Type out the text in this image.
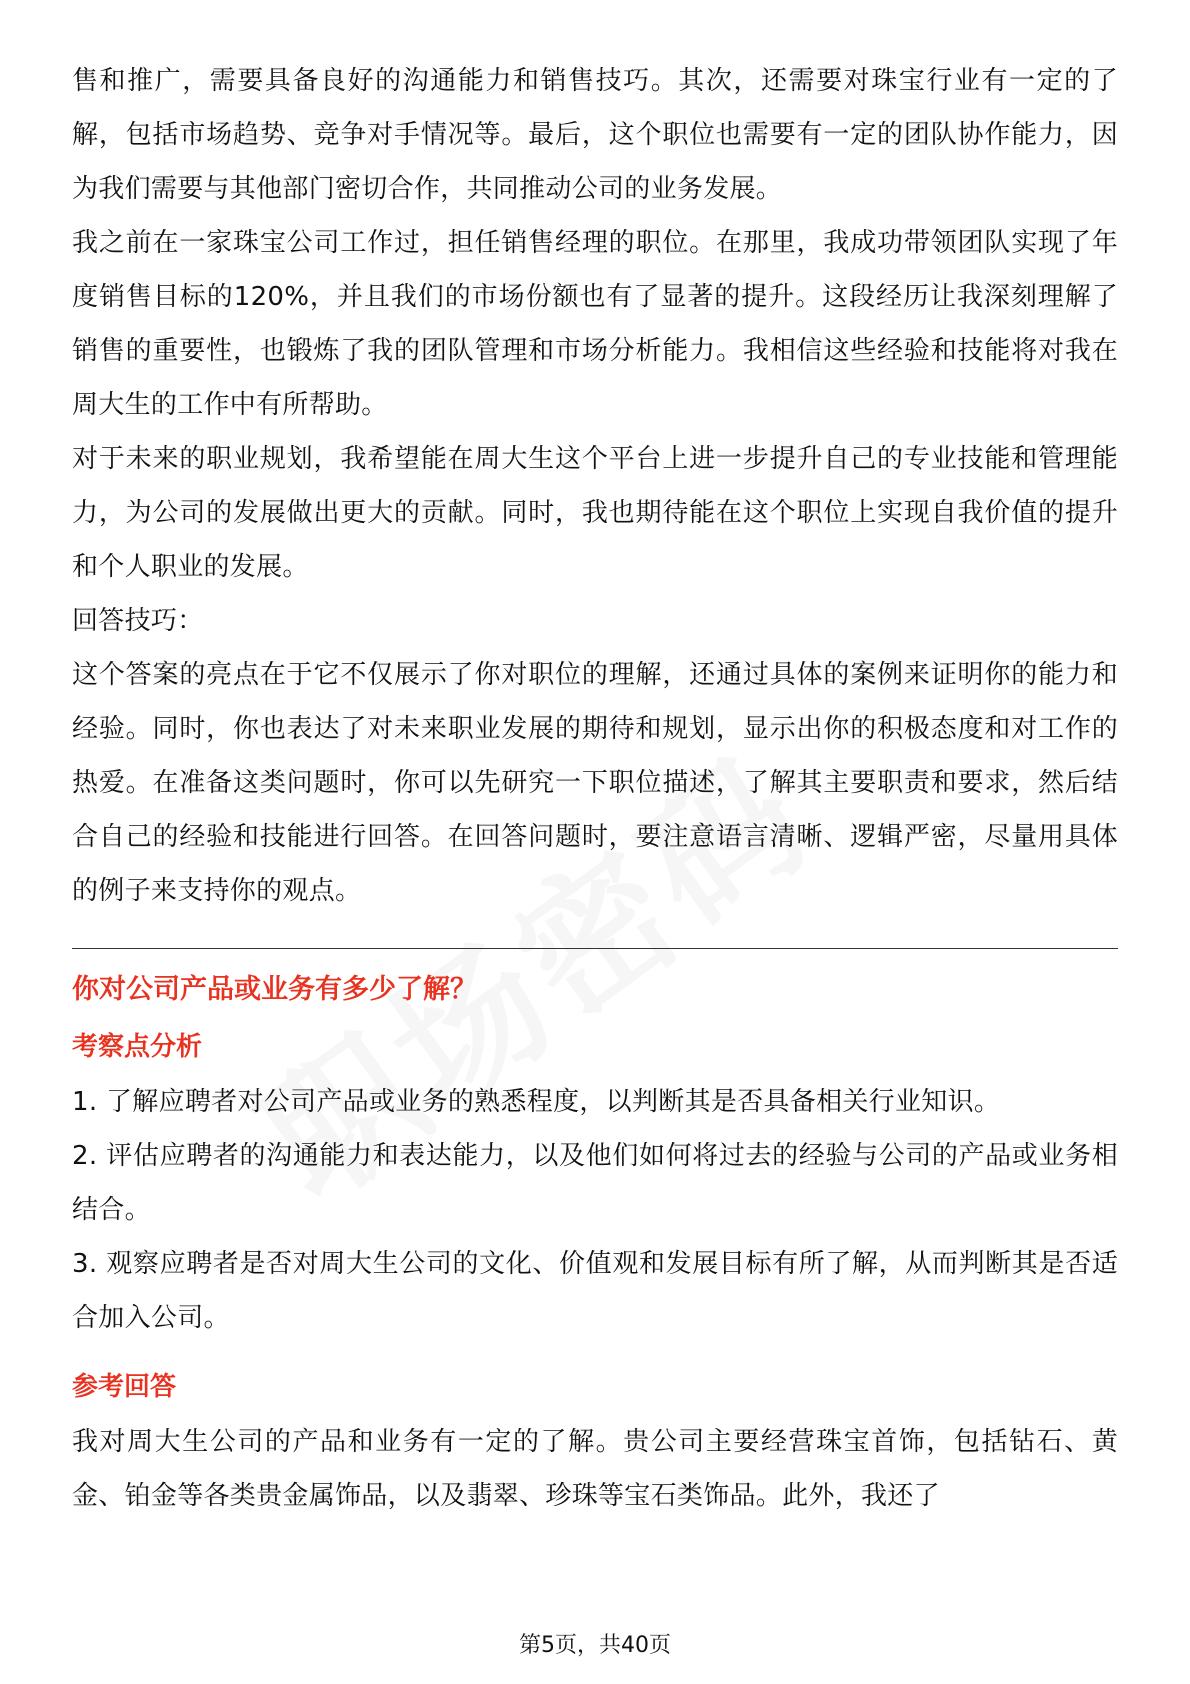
售和推广，需要具备良好的沟通能力和销售技巧。其次，还需要对珠宝行业有一定的了解，包括市场趋势、竞争对手情况等。最后，这个职位也需要有一定的团队协作能力，因为我们需要与其他部门密切合作，共同推动公司的业务发展。

我之前在一家珠宝公司工作过，担任销售经理的职位。在那里，我成功带领团队实现了年度销售目标的120%，并且我们的市场份额也有了显著的提升。这段经历让我深刻理解了销售的重要性，也锻炼了我的团队管理和市场分析能力。我相信这些经验和技能将对我在周大生的工作中有所帮助。

对于未来的职业规划，我希望能在周大生这个平台上进一步提升自己的专业技能和管理能力，为公司的发展做出更大的贡献。同时，我也期待能在这个职位上实现自我价值的提升和个人职业的发展。

回答技巧：

这个答案的亮点在于它不仅展示了你对职位的理解，还通过具体的案例来证明你的能力和经验。同时，你也表达了对未来职业发展的期待和规划，显示出你的积极态度和对工作的热爱。在准备这类问题时，你可以先研究一下职位描述，了解其主要职责和要求，然后结合自己的经验和技能进行回答。在回答问题时，要注意语言清晰、逻辑严密，尽量用具体的例子来支持你的观点。

你对公司产品或业务有多少了解？

考察点分析

1. 了解应聘者对公司产品或业务的熟悉程度，以判断其是否具备相关行业知识。

2. 评估应聘者的沟通能力和表达能力，以及他们如何将过去的经验与公司的产品或业务相结合。

3. 观察应聘者是否对周大生公司的文化、价值观和发展目标有所了解，从而判断其是否适合加入公司。

参考回答

我对周大生公司的产品和业务有一定的了解。贵公司主要经营珠宝首饰，包括钻石、黄金、铂金等各类贵金属饰品，以及翡翠、珍珠等宝石类饰品。此外，我还了

第5页，共40页
